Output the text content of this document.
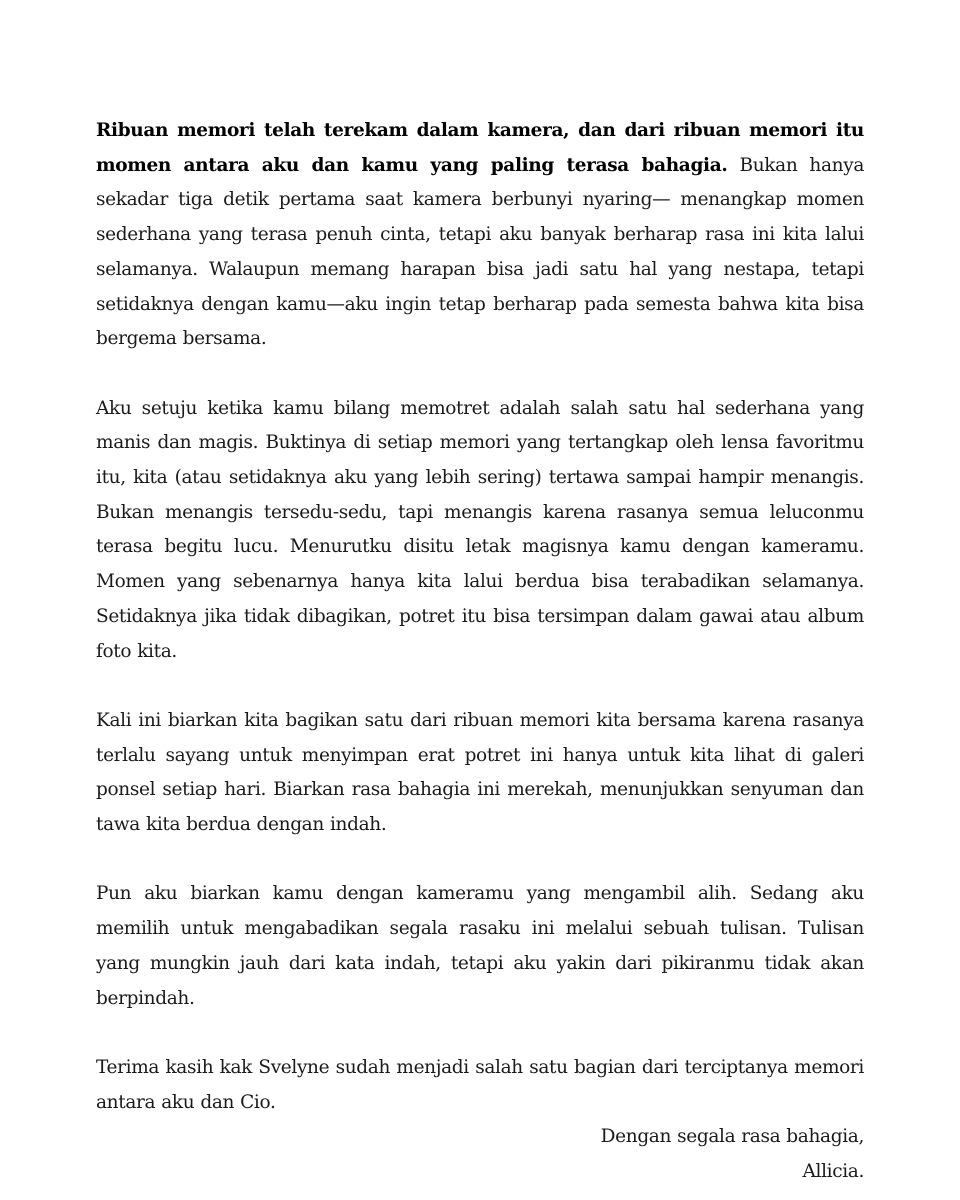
Ribuan memori telah terekam dalam kamera, dan dari ribuan memori itu momen antara aku dan kamu yang paling terasa bahagia. Bukan hanya sekadar tiga detik pertama saat kamera berbunyi nyaring— menangkap momen sederhana yang terasa penuh cinta, tetapi aku banyak berharap rasa ini kita lalui selamanya. Walaupun memang harapan bisa jadi satu hal yang nestapa, tetapi setidaknya dengan kamu—aku ingin tetap berharap pada semesta bahwa kita bisa bergema bersama.

Aku setuju ketika kamu bilang memotret adalah salah satu hal sederhana yang manis dan magis. Buktinya di setiap memori yang tertangkap oleh lensa favoritmu itu, kita (atau setidaknya aku yang lebih sering) tertawa sampai hampir menangis. Bukan menangis tersedu-sedu, tapi menangis karena rasanya semua leluconmu terasa begitu lucu. Menurutku disitu letak magisnya kamu dengan kameramu. Momen yang sebenarnya hanya kita lalui berdua bisa terabadikan selamanya. Setidaknya jika tidak dibagikan, potret itu bisa tersimpan dalam gawai atau album foto kita.

Kali ini biarkan kita bagikan satu dari ribuan memori kita bersama karena rasanya terlalu sayang untuk menyimpan erat potret ini hanya untuk kita lihat di galeri ponsel setiap hari. Biarkan rasa bahagia ini merekah, menunjukkan senyuman dan tawa kita berdua dengan indah.

Pun aku biarkan kamu dengan kameramu yang mengambil alih. Sedang aku memilih untuk mengabadikan segala rasaku ini melalui sebuah tulisan. Tulisan yang mungkin jauh dari kata indah, tetapi aku yakin dari pikiranmu tidak akan berpindah.

Terima kasih kak Svelyne sudah menjadi salah satu bagian dari terciptanya memori antara aku dan Cio.

Dengan segala rasa bahagia,

Allicia.
